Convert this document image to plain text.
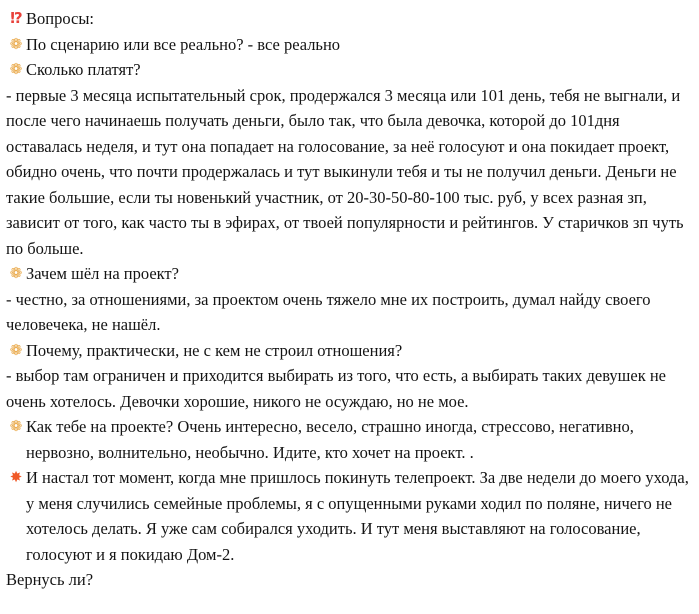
⁉ Вопросы:
❁ По сценарию или все реально? - все реально
❁ Сколько платят?

- первые 3 месяца испытательный срок, продержался 3 месяца или 101 день, тебя не выгнали, и после чего начинаешь получать деньги, было так, что была девочка, которой до 101дня оставалась неделя, и тут она попадает на голосование, за неё голосуют и она покидает проект, обидно очень, что почти продержалась и тут выкинули тебя и ты не получил деньги. Деньги не такие большие, если ты новенький участник, от 20-30-50-80-100 тыс. руб, у всех разная зп, зависит от того, как часто ты в эфирах, от твоей популярности и рейтингов. У старичков зп чуть по больше.

❁ Зачем шёл на проект?

- честно, за отношениями, за проектом очень тяжело мне их построить, думал найду своего человечека, не нашёл.

❁ Почему, практически, не с кем не строил отношения?

- выбор там ограничен и приходится выбирать из того, что есть, а выбирать таких девушек не очень хотелось. Девочки хорошие, никого не осуждаю, но не мое.

❁ Как тебе на проекте? Очень интересно, весело, страшно иногда, стрессово, негативно, нервозно, волнительно, необычно. Идите, кто хочет на проект. .
✸ И настал тот момент, когда мне пришлось покинуть телепроект. За две недели до моего ухода, у меня случились семейные проблемы, я с опущенными руками ходил по поляне, ничего не хотелось делать. Я уже сам собирался уходить. И тут меня выставляют на голосование, голосуют и я покидаю Дом-2.

Вернусь ли?
